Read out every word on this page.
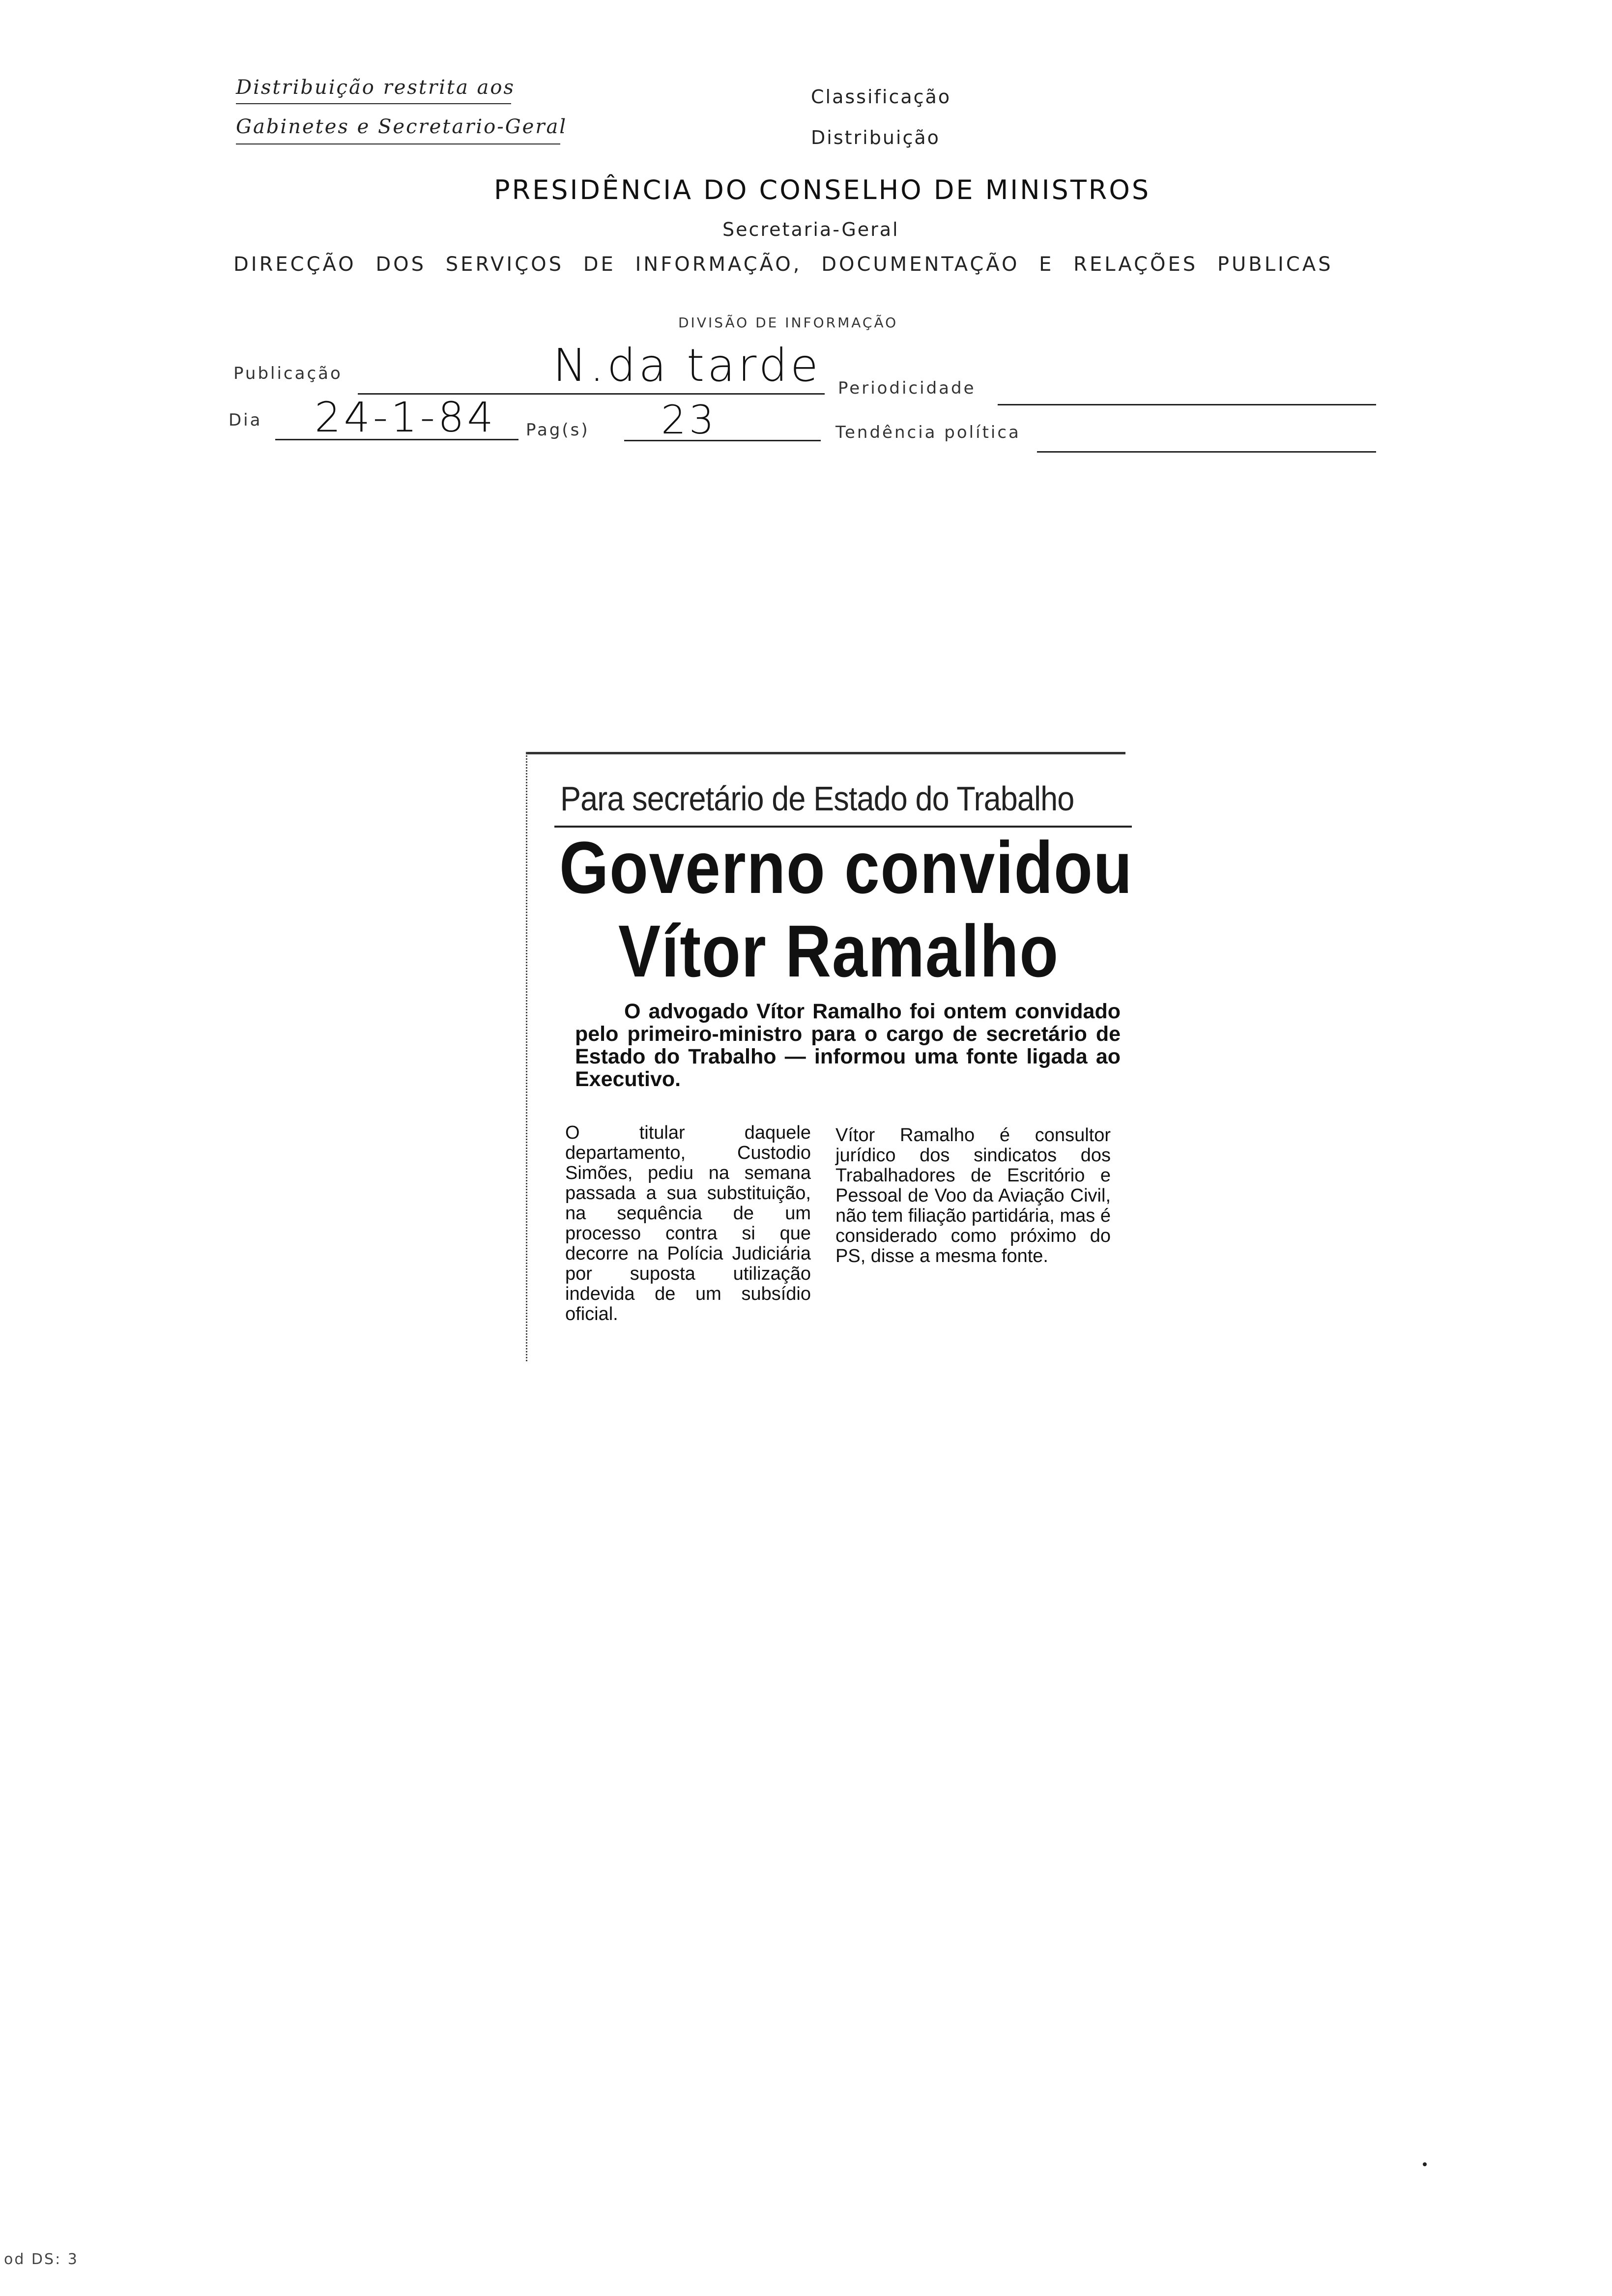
Distribuição restrita aos
Gabinetes e Secretario-Geral
Classificação
Distribuição
PRESIDÊNCIA DO CONSELHO DE MINISTROS
Secretaria-Geral
DIRECÇÃO DOS SERVIÇOS DE INFORMAÇÃO, DOCUMENTAÇÃO E RELAÇÕES PUBLICAS
DIVISÃO DE INFORMAÇÃO
Publicação	N.da tarde Periodicidade
Dia 24-1-84 Pag(s) 23	Tendência política
Para secretário de Estado do Trabalho
Governo convidou
Vítor Ramalho
O advogado Vítor Ramalho foi ontem convidado pelo primeiro-ministro para o cargo de secretário de Estado do Trabalho — informou uma fonte ligada ao Executivo.
O titular daquele departamento, Custodio Simões, pediu na semana passada a sua substituição, na sequência de um processo contra si que decorre na Polícia Judiciária por suposta utilização indevida de um subsídio oficial.
Vítor Ramalho é consultor jurídico dos sindicatos dos Trabalhadores de Escritório e Pessoal de Voo da Aviação Civil, não tem filiação partidária, mas é considerado como próximo do PS, disse a mesma fonte.
od DS: 3
